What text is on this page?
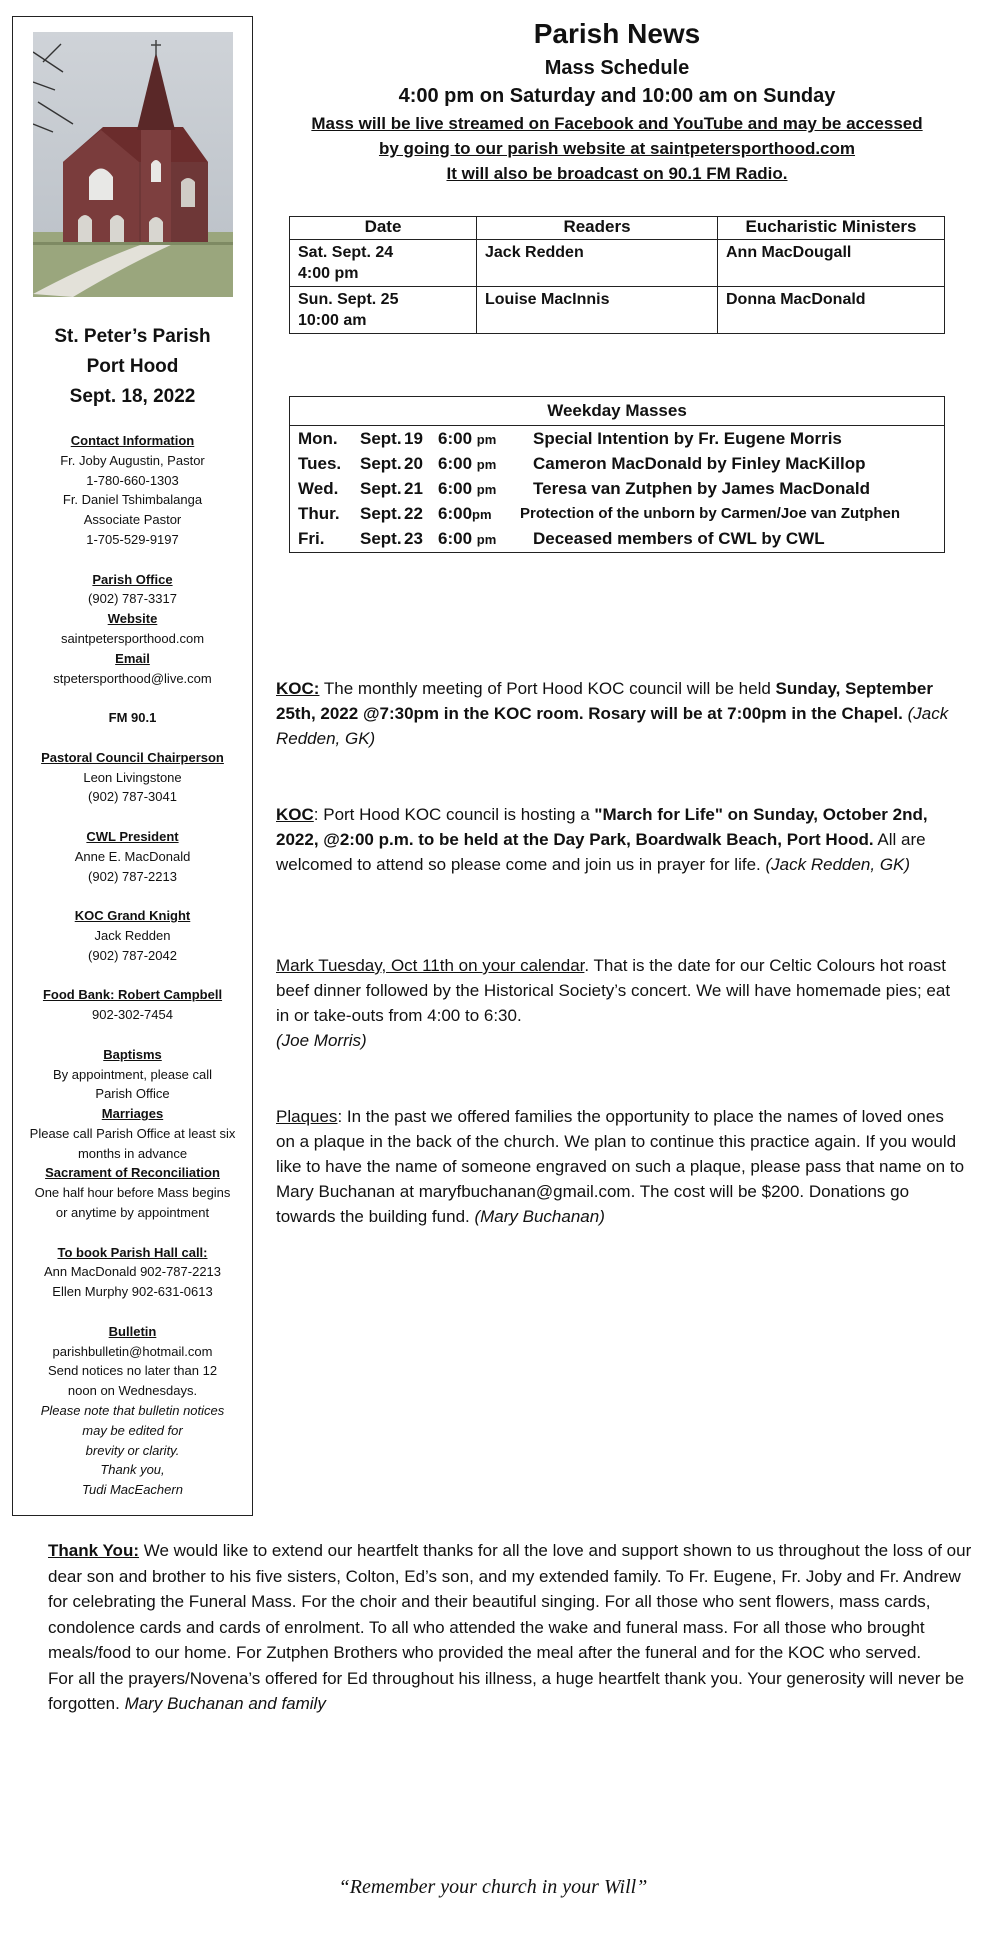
St. Peter’s Parish
Port Hood
Sept. 18, 2022
Contact Information
Fr. Joby Augustin, Pastor
1-780-660-1303
Fr. Daniel Tshimbalanga
Associate Pastor
1-705-529-9197
Parish Office
(902) 787-3317
Website
saintpetersporthood.com
Email
stpetersporthood@live.com
FM 90.1
Pastoral Council Chairperson
Leon Livingstone
(902) 787-3041
CWL President
Anne E. MacDonald
(902) 787-2213
KOC Grand Knight
Jack Redden
(902) 787-2042
Food Bank: Robert Campbell
902-302-7454
Baptisms
By appointment, please call
Parish Office
Marriages
Please call Parish Office at least six
months in advance
Sacrament of Reconciliation
One half hour before Mass begins
or anytime by appointment
To book Parish Hall call:
Ann MacDonald 902-787-2213
Ellen Murphy 902-631-0613
Bulletin
parishbulletin@hotmail.com
Send notices no later than 12
noon on Wednesdays.
Please note that bulletin notices
may be edited for
brevity or clarity.
Thank you,
Tudi MacEachern
Parish News
Mass Schedule
4:00 pm on Saturday and 10:00 am on Sunday
Mass will be live streamed on Facebook and YouTube and may be accessed
by going to our parish website at saintpetersporthood.com
It will also be broadcast on 90.1 FM Radio.
Date	Readers	Eucharistic Ministers

Sat. Sept. 24
4:00 pm	Jack Redden	Ann MacDougall

Sun. Sept. 25
10:00 am	Louise MacInnis	Donna MacDonald
Weekday Masses
Mon.	Sept. 19 6:00 pm	Special Intention by Fr. Eugene Morris
Tues.	Sept. 20 6:00 pm	Cameron MacDonald by Finley MacKillop
Wed.	Sept. 21 6:00 pm	Teresa van Zutphen by James MacDonald
Thur.	Sept. 22 6:00pm	Protection of the unborn by Carmen/Joe van Zutphen
Fri.	Sept. 23 6:00 pm	Deceased members of CWL by CWL
KOC: The monthly meeting of Port Hood KOC council will be held Sunday, September 25th, 2022 @7:30pm in the KOC room. Rosary will be at 7:00pm in the Chapel. (Jack Redden, GK)
KOC: Port Hood KOC council is hosting a "March for Life" on Sunday, October 2nd, 2022, @2:00 p.m. to be held at the Day Park, Boardwalk Beach, Port Hood. All are welcomed to attend so please come and join us in prayer for life. (Jack Redden, GK)
Mark Tuesday, Oct 11th on your calendar. That is the date for our Celtic Colours hot roast beef dinner followed by the Historical Society’s concert. We will have homemade pies; eat in or take-outs from 4:00 to 6:30.
(Joe Morris)
Plaques: In the past we offered families the opportunity to place the names of loved ones on a plaque in the back of the church. We plan to continue this practice again. If you would like to have the name of someone engraved on such a plaque, please pass that name on to Mary Buchanan at maryfbuchanan@gmail.com. The cost will be $200. Donations go towards the building fund. (Mary Buchanan)
Thank You: We would like to extend our heartfelt thanks for all the love and support shown to us throughout the loss of our dear son and brother to his five sisters, Colton, Ed’s son, and my extended family. To Fr. Eugene, Fr. Joby and Fr. Andrew for celebrating the Funeral Mass. For the choir and their beautiful singing. For all those who sent flowers, mass cards, condolence cards and cards of enrolment. To all who attended the wake and funeral mass. For all those who brought meals/food to our home. For Zutphen Brothers who provided the meal after the funeral and for the KOC who served.
For all the prayers/Novena’s offered for Ed throughout his illness, a huge heartfelt thank you. Your generosity will never be forgotten. Mary Buchanan and family
“Remember your church in your Will”
